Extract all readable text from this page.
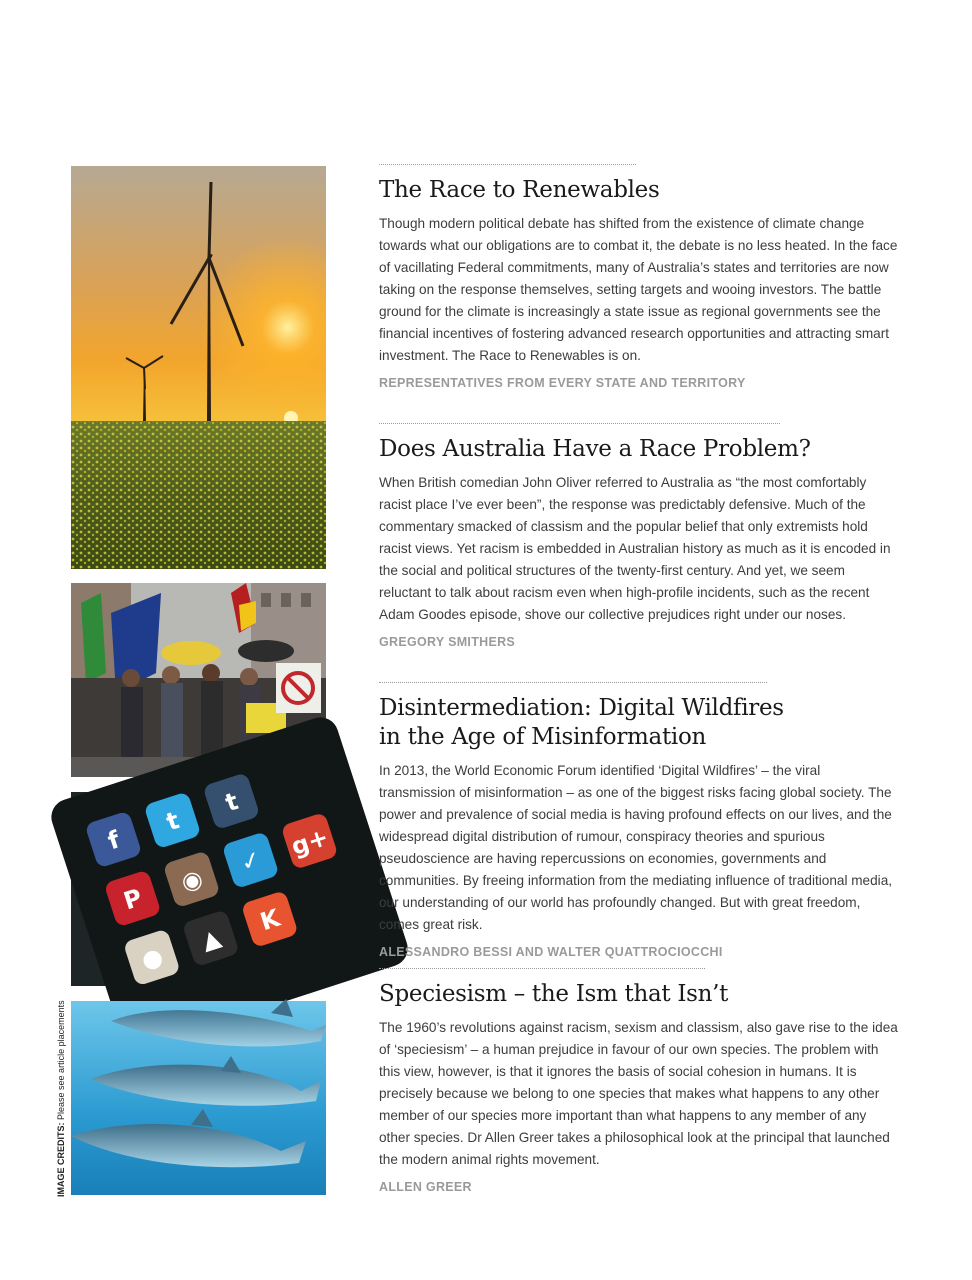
f
t
t
P
◉
✓
g+
●
▲
K
IMAGE CREDITS: Please see article placements
The Race to Renewables

Though modern political debate has shifted from the existence of climate change towards what our obligations are to combat it, the debate is no less heated. In the face of vacillating Federal commitments, many of Australia’s states and territories are now taking on the response themselves, setting targets and wooing investors. The battle ground for the climate is increasingly a state issue as regional governments see the financial incentives of fostering advanced research opportunities and attracting smart investment. The Race to Renewables is on.

REPRESENTATIVES FROM EVERY STATE AND TERRITORY
Does Australia Have a Race Problem?

When British comedian John Oliver referred to Australia as “the most comfortably racist place I’ve ever been”, the response was predictably defensive. Much of the commentary smacked of classism and the popular belief that only extremists hold racist views. Yet racism is embedded in Australian history as much as it is encoded in the social and political structures of the twenty-first century. And yet, we seem reluctant to talk about racism even when high-profile incidents, such as the recent Adam Goodes episode, shove our collective prejudices right under our noses.

GREGORY SMITHERS
Disintermediation: Digital Wildfires
in the Age of Misinformation

In 2013, the World Economic Forum identified ‘Digital Wildfires’ – the viral transmission of misinformation – as one of the biggest risks facing global society. The power and prevalence of social media is having profound effects on our lives, and the widespread digital distribution of rumour, conspiracy theories and spurious pseudoscience are having repercussions on economies, governments and communities. By freeing information from the mediating influence of traditional media, our understanding of our world has profoundly changed. But with great freedom, comes great risk.

ALESSANDRO BESSI AND WALTER QUATTROCIOCCHI
Speciesism – the Ism that Isn’t

The 1960’s revolutions against racism, sexism and classism, also gave rise to the idea of ‘speciesism’ – a human prejudice in favour of our own species. The problem with this view, however, is that it ignores the basis of social cohesion in humans. It is precisely because we belong to one species that makes what happens to any other member of our species more important than what happens to any member of any other species. Dr Allen Greer takes a philosophical look at the principal that launched the modern animal rights movement.

ALLEN GREER
